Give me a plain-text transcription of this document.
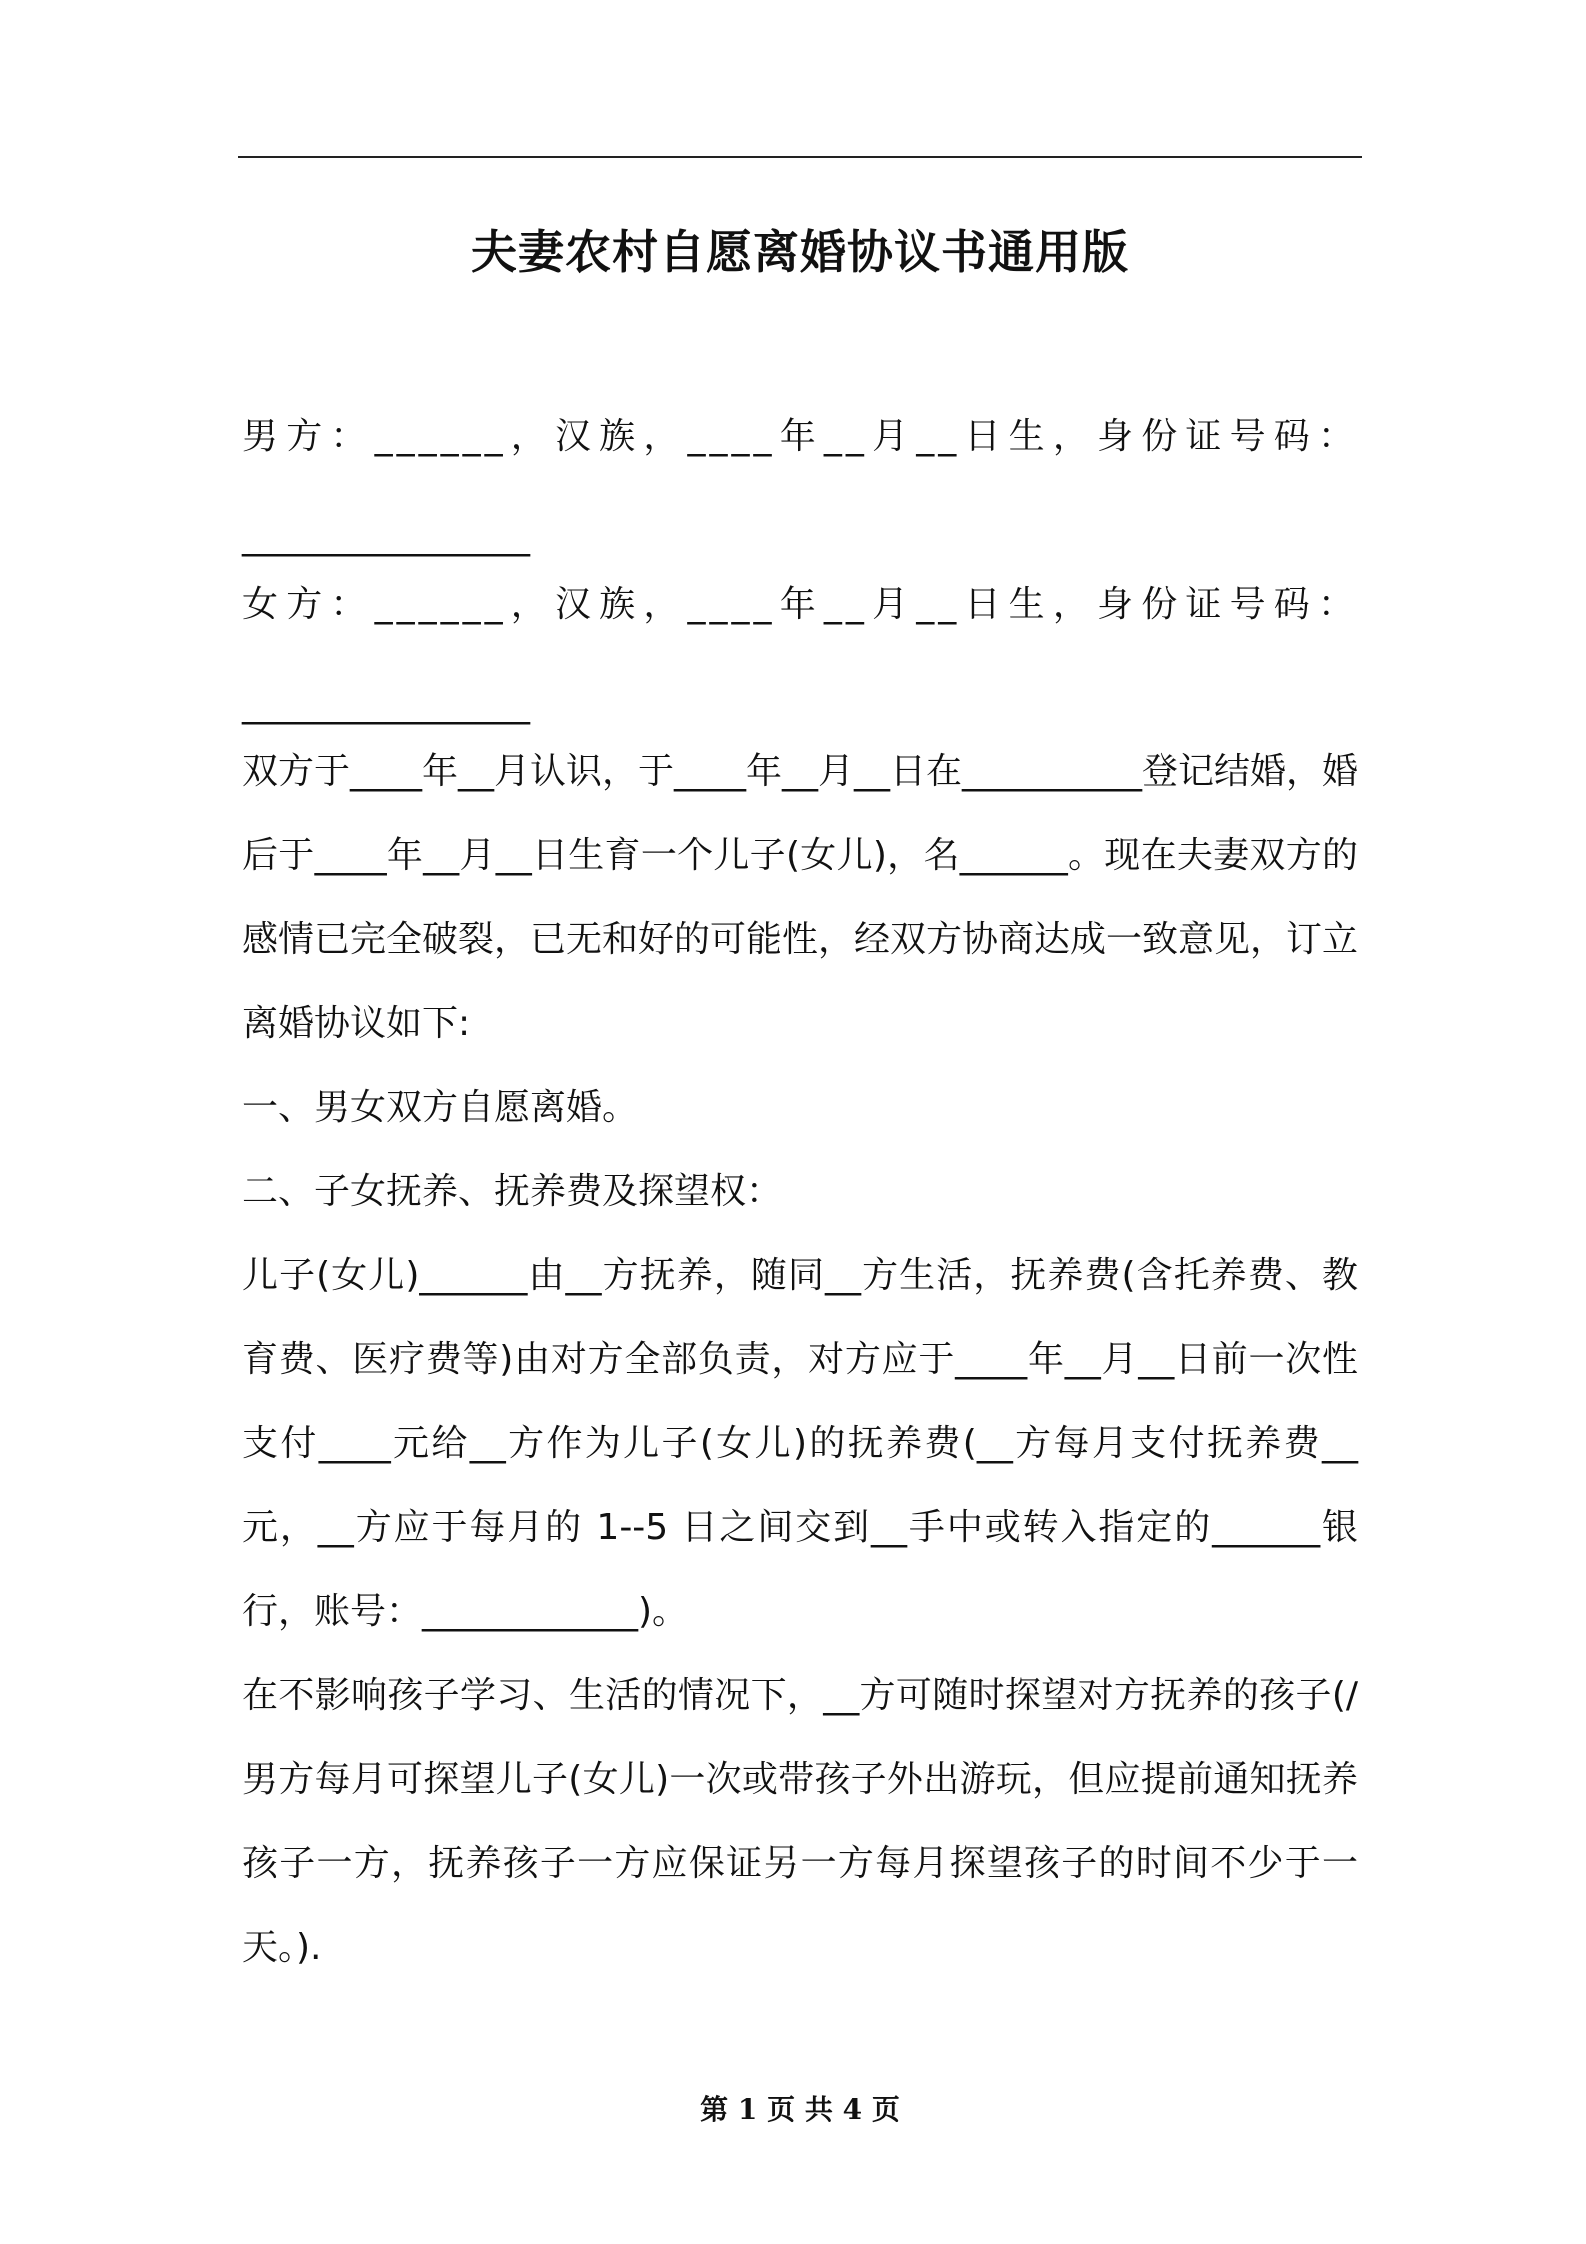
夫妻农村自愿离婚协议书通用版

男方：______，汉族，____年__月__日生，身份证号码：

________________

女方：______，汉族，____年__月__日生，身份证号码：

________________

双方于____年__月认识，于____年__月__日在__________登记结婚，婚后于____年__月__日生育一个儿子(女儿)，名______。现在夫妻双方的感情已完全破裂，已无和好的可能性，经双方协商达成一致意见，订立离婚协议如下:

一、男女双方自愿离婚。

二、子女抚养、抚养费及探望权：

儿子(女儿)______由__方抚养，随同__方生活，抚养费(含托养费、教育费、医疗费等)由对方全部负责，对方应于____年__月__日前一次性支付____元给__方作为儿子(女儿)的抚养费(__方每月支付抚养费__元，__方应于每月的 1--5 日之间交到__手中或转入指定的______银行，账号：____________)。

在不影响孩子学习、生活的情况下，__方可随时探望对方抚养的孩子(/男方每月可探望儿子(女儿)一次或带孩子外出游玩，但应提前通知抚养孩子一方，抚养孩子一方应保证另一方每月探望孩子的时间不少于一天。).

第 1 页 共 4 页
